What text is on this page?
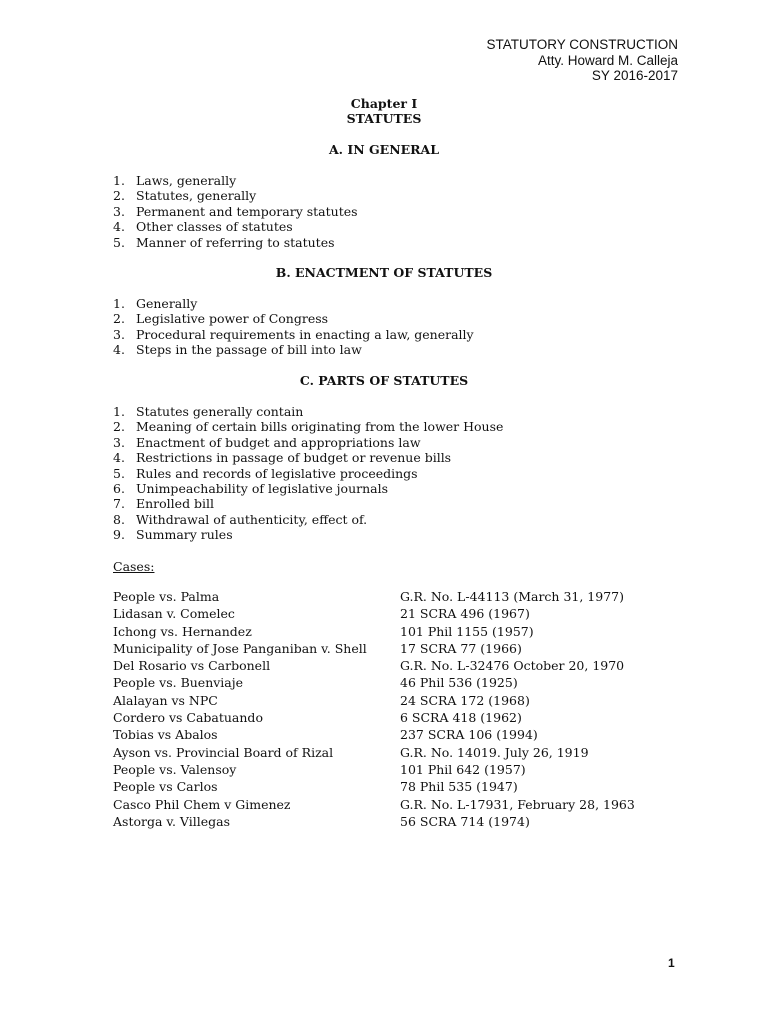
STATUTORY CONSTRUCTION
Atty. Howard M. Calleja
SY 2016-2017
Chapter I
STATUTES
A. IN GENERAL
1. Laws, generally
2. Statutes, generally
3. Permanent and temporary statutes
4. Other classes of statutes
5. Manner of referring to statutes
B. ENACTMENT OF STATUTES
1. Generally
2. Legislative power of Congress
3. Procedural requirements in enacting a law, generally
4. Steps in the passage of bill into law
C. PARTS OF STATUTES
1. Statutes generally contain
2. Meaning of certain bills originating from the lower House
3. Enactment of budget and appropriations law
4. Restrictions in passage of budget or revenue bills
5. Rules and records of legislative proceedings
6. Unimpeachability of legislative journals
7. Enrolled bill
8. Withdrawal of authenticity, effect of.
9. Summary rules
Cases:
People vs. Palma	G.R. No. L-44113 (March 31, 1977)
Lidasan v. Comelec	21 SCRA 496 (1967)
Ichong vs. Hernandez	101 Phil 1155 (1957)
Municipality of Jose Panganiban v. Shell	17 SCRA 77 (1966)
Del Rosario vs Carbonell	G.R. No. L-32476 October 20, 1970
People vs. Buenviaje	46 Phil 536 (1925)
Alalayan vs NPC	24 SCRA 172 (1968)
Cordero vs Cabatuando	6 SCRA 418 (1962)
Tobias vs Abalos	237 SCRA 106 (1994)
Ayson vs. Provincial Board of Rizal	G.R. No. 14019. July 26, 1919
People vs. Valensoy	101 Phil 642 (1957)
People vs Carlos	78 Phil 535 (1947)
Casco Phil Chem v Gimenez	G.R. No. L-17931, February 28, 1963
Astorga v. Villegas	56 SCRA 714 (1974)
1
